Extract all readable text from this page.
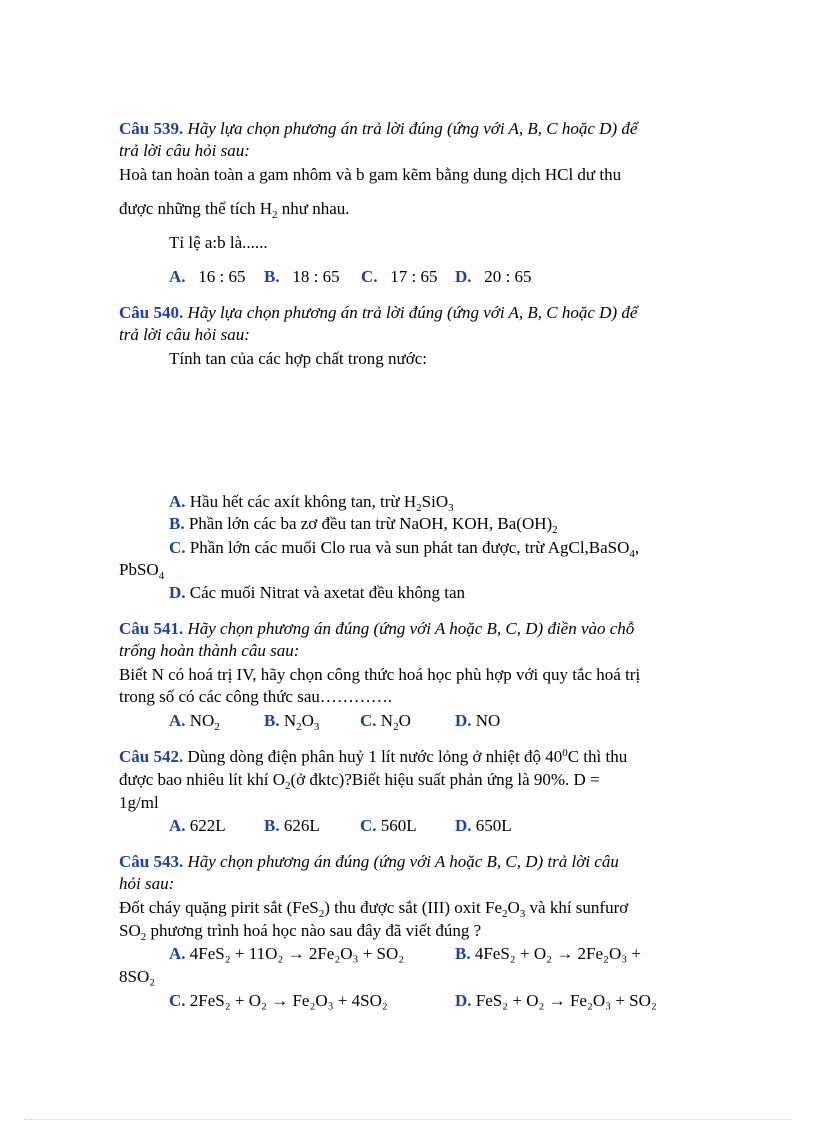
Câu 539. Hãy lựa chọn phương án trả lời đúng (ứng với A, B, C hoặc D) để
trả lời câu hỏi sau:
Hoà tan hoàn toàn a gam nhôm và b gam kẽm bằng dung dịch HCl dư thu
được những thể tích $H_2$ như nhau.
Tỉ lệ a:b là......
A. 16 : 65 B. 18 : 65 C. 17 : 65 D. 20 : 65
Câu 540. Hãy lựa chọn phương án trả lời đúng (ứng với A, B, C hoặc D) để
trả lời câu hỏi sau:
Tính tan của các hợp chất trong nước:
A. Hầu hết các axít không tan, trừ $H_2SiO_3$
B. Phần lớn các ba zơ đều tan trừ NaOH, KOH, $Ba(OH)_2$
C. Phần lớn các muối Clo rua và sun phát tan được, trừ AgCl,BaSO$_4$,
PbSO$_4$
D. Các muối Nitrat và axetat đều không tan
Câu 541. Hãy chọn phương án đúng (ứng với A hoặc B, C, D) điền vào chỗ
trống hoàn thành câu sau:
Biết N có hoá trị IV, hãy chọn công thức hoá học phù hợp với quy tắc hoá trị
trong số có các công thức sau………….
A. $NO_2$	B. $N_2O_3$ C. $N_2O$	D. NO
Câu 542. Dùng dòng điện phân huỷ 1 lít nước lỏng ở nhiệt độ $40^0C$ thì thu
được bao nhiêu lít khí $O_2(ở$ đktc)?Biết hiệu suất phản ứng là 90%. D =
1g/ml
A. 622L B. 626L C. 560L D. 650L
Câu 543. Hãy chọn phương án đúng (ứng với A hoặc B, C, D) trả lời câu
hỏi sau:
Đốt cháy quặng pirit sắt (FeS$_2$) thu được sắt (III) oxit $Fe_2O_3$ và khí sunfurơ
$SO_2$ phương trình hoá học nào sau đây đã viết đúng ?
A. 4FeS₂ + 11O₂ → 2Fe₂O₃ + SO₂	B. 4FeS₂ + O₂ → 2Fe₂O₃ +
8SO₂
C. 2FeS₂ + O₂ → Fe₂O₃ + 4SO₂	D. FeS₂ + O₂ → Fe₂O₃ + SO₂
